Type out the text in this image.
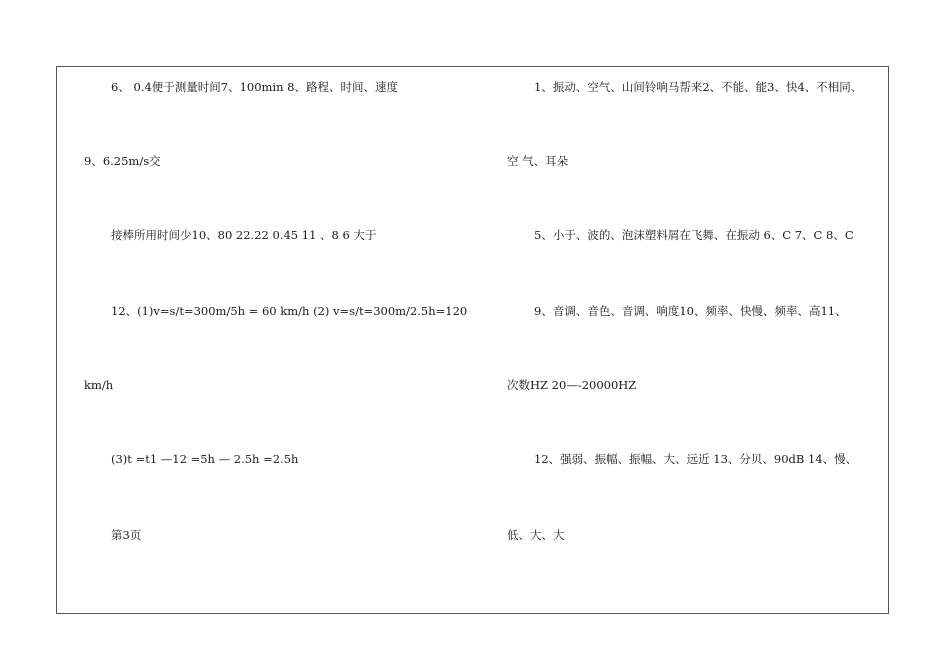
6、 0.4便于测量时间7、100min 8、路程、时间、速度
9、6.25m/s交
接棒所用时间少10、80 22.22 0.45 11 、8 6 大于
12、(1)v=s/t=300m/5h = 60 km/h (2) v=s/t=300m/2.5h=120
km/h
(3)t =t1 —12 =5h — 2.5h =2.5h
第3页
1、振动、空气、山间铃响马帮来2、不能、能3、快4、不相同、
空 气、耳朵
5、小于、波的、泡沫塑料屑在飞舞、在振动 6、C 7、C 8、C
9、音调、音色、音调、响度10、频率、快慢、频率、高11、
次数HZ 20—-20000HZ
12、强弱、振幅、振幅、大、远近 13、分贝、90dB 14、慢、
低、大、大
